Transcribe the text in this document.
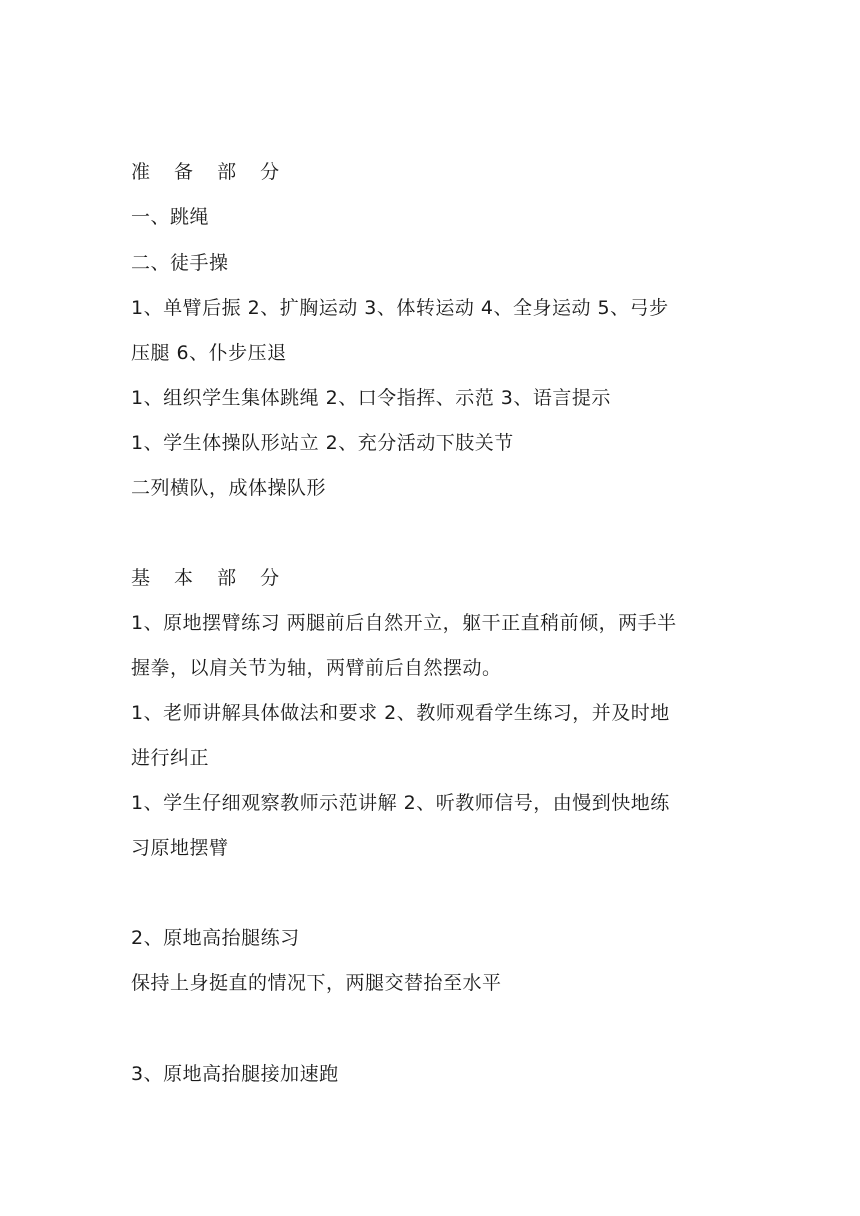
准 备 部 分
一、跳绳
二、徒手操
1、单臂后振 2、扩胸运动 3、体转运动 4、全身运动 5、弓步
压腿 6、仆步压退
1、组织学生集体跳绳 2、口令指挥、示范 3、语言提示
1、学生体操队形站立 2、充分活动下肢关节
二列横队，成体操队形
基 本 部 分
1、原地摆臂练习 两腿前后自然开立，躯干正直稍前倾，两手半
握拳，以肩关节为轴，两臂前后自然摆动。
1、老师讲解具体做法和要求 2、教师观看学生练习，并及时地
进行纠正
1、学生仔细观察教师示范讲解 2、听教师信号，由慢到快地练
习原地摆臂
2、原地高抬腿练习
保持上身挺直的情况下，两腿交替抬至水平
3、原地高抬腿接加速跑
